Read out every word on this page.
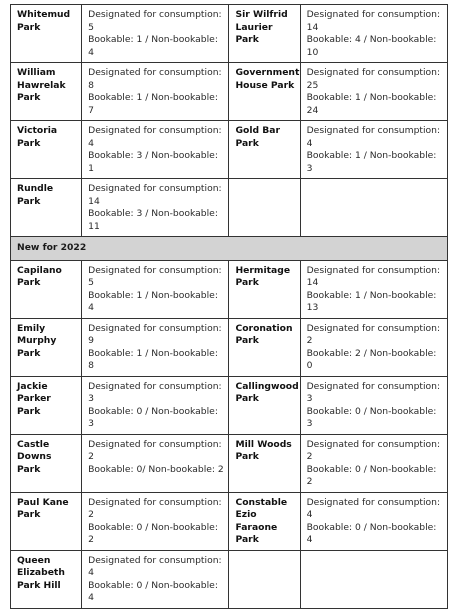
Whitemud
Park	Designated for consumption:
5
Bookable: 1 / Non-bookable: 4	Sir Wilfrid
Laurier Park	Designated for consumption:
14
Bookable: 4 / Non-bookable:
10

William
Hawrelak
Park	Designated for consumption:
8
Bookable: 1 / Non-bookable: 7	Government
House Park	Designated for consumption:
25
Bookable: 1 / Non-bookable:
24

Victoria
Park	Designated for consumption:
4
Bookable: 3 / Non-bookable: 1	Gold Bar
Park	Designated for consumption:
4
Bookable: 1 / Non-bookable: 3

Rundle
Park	Designated for consumption:
14
Bookable: 3 / Non-bookable:
11		

New for 2022			
Capilano
Park	Designated for consumption:
5
Bookable: 1 / Non-bookable: 4	Hermitage
Park	Designated for consumption:
14
Bookable: 1 / Non-bookable:
13

Emily
Murphy
Park	Designated for consumption:
9
Bookable: 1 / Non-bookable: 8	Coronation
Park	Designated for consumption:
2
Bookable: 2 / Non-bookable: 0

Jackie
Parker
Park	Designated for consumption:
3
Bookable: 0 / Non-bookable: 3	Callingwood
Park	Designated for consumption:
3
Bookable: 0 / Non-bookable: 3

Castle
Downs
Park	Designated for consumption:
2
Bookable: 0/ Non-bookable: 2	Mill Woods
Park	Designated for consumption:
2
Bookable: 0 / Non-bookable: 2

Paul Kane
Park	Designated for consumption:
2
Bookable: 0 / Non-bookable: 2	Constable
Ezio Faraone
Park	Designated for consumption:
4
Bookable: 0 / Non-bookable: 4

Queen
Elizabeth
Park Hill	Designated for consumption:
4
Bookable: 0 / Non-bookable: 4		
